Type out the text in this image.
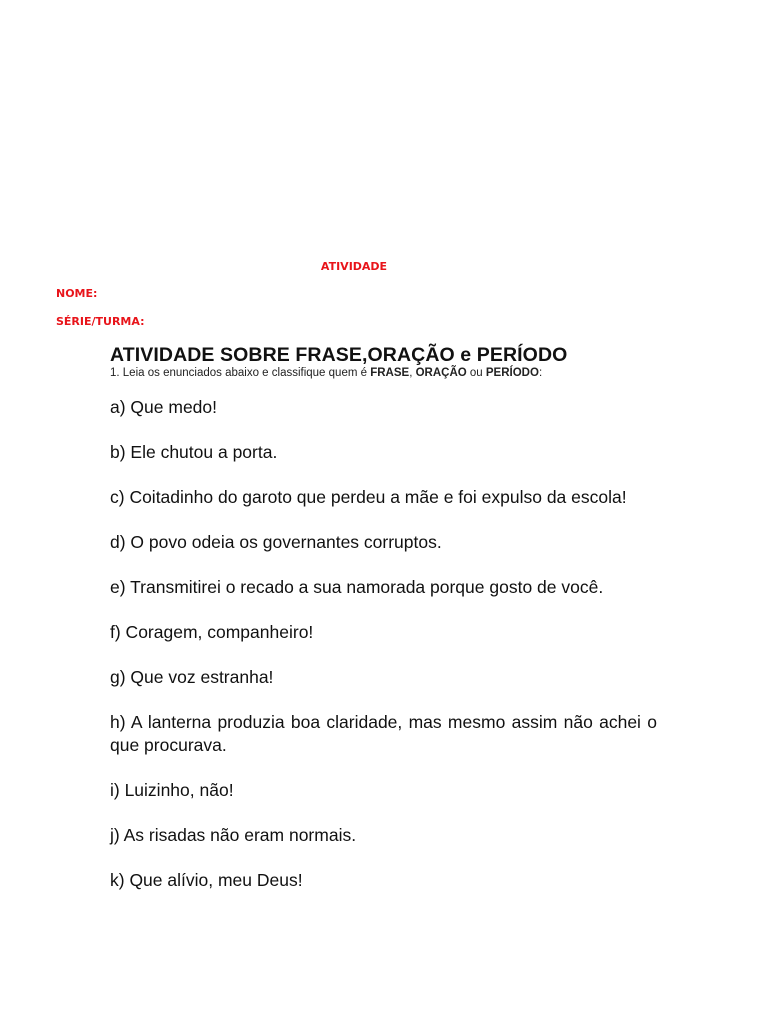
ATIVIDADE
NOME:
SÉRIE/TURMA:
ATIVIDADE SOBRE FRASE,ORAÇÃO e PERÍODO

1. Leia os enunciados abaixo e classifique quem é FRASE, ORAÇÃO ou PERÍODO:

a) Que medo!
b) Ele chutou a porta.
c) Coitadinho do garoto que perdeu a mãe e foi expulso da escola!
d) O povo odeia os governantes corruptos.
e) Transmitirei o recado a sua namorada porque gosto de você.
f) Coragem, companheiro!
g) Que voz estranha!
h) A lanterna produzia boa claridade, mas mesmo assim não achei o que procurava.
i) Luizinho, não!
j) As risadas não eram normais.
k) Que alívio, meu Deus!
